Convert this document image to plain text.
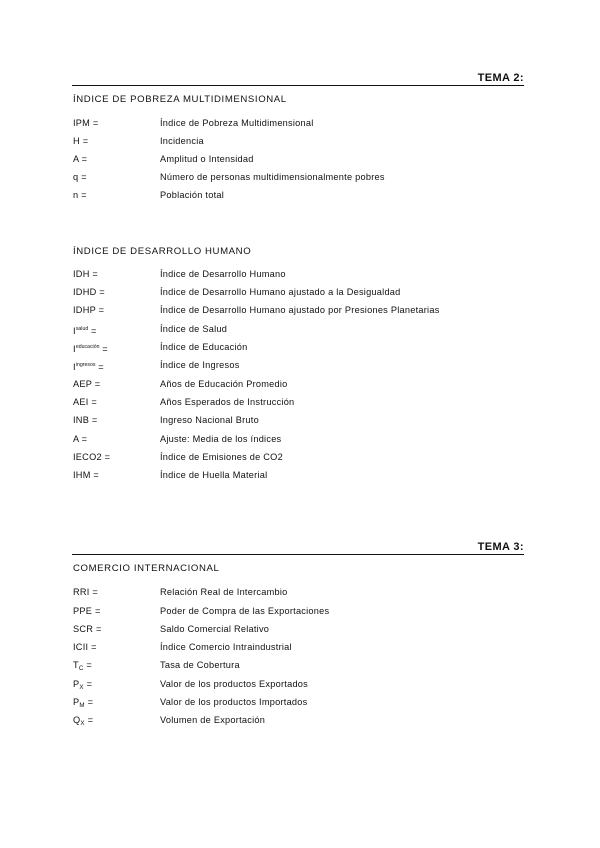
TEMA 2:
ÍNDICE DE POBREZA MULTIDIMENSIONAL
IPM =	Índice de Pobreza Multidimensional
H =	Incidencia
A =	Amplitud o Intensidad
q =	Número de personas multidimensionalmente pobres
n =	Población total
ÍNDICE DE DESARROLLO HUMANO
IDH =	Índice de Desarrollo Humano
IDHD =	Índice de Desarrollo Humano ajustado a la Desigualdad
IDHP =	Índice de Desarrollo Humano ajustado por Presiones Planetarias
$I^{salud}$ =	Índice de Salud
$I^{educación}$ =	Índice de Educación
$I^{ingresos}$ =	Índice de Ingresos
AEP =	Años de Educación Promedio
AEI =	Años Esperados de Instrucción
INB =	Ingreso Nacional Bruto
A =	Ajuste: Media de los índices
IECO2 =	Índice de Emisiones de CO2
IHM =	Índice de Huella Material
TEMA 3:
COMERCIO INTERNACIONAL
RRI =	Relación Real de Intercambio
PPE =	Poder de Compra de las Exportaciones
SCR =	Saldo Comercial Relativo
ICII =	Índice Comercio Intraindustrial
$T_C$ =	Tasa de Cobertura
$P_X$ =	Valor de los productos Exportados
$P_M$ =	Valor de los productos Importados
$Q_X$ =	Volumen de Exportación
